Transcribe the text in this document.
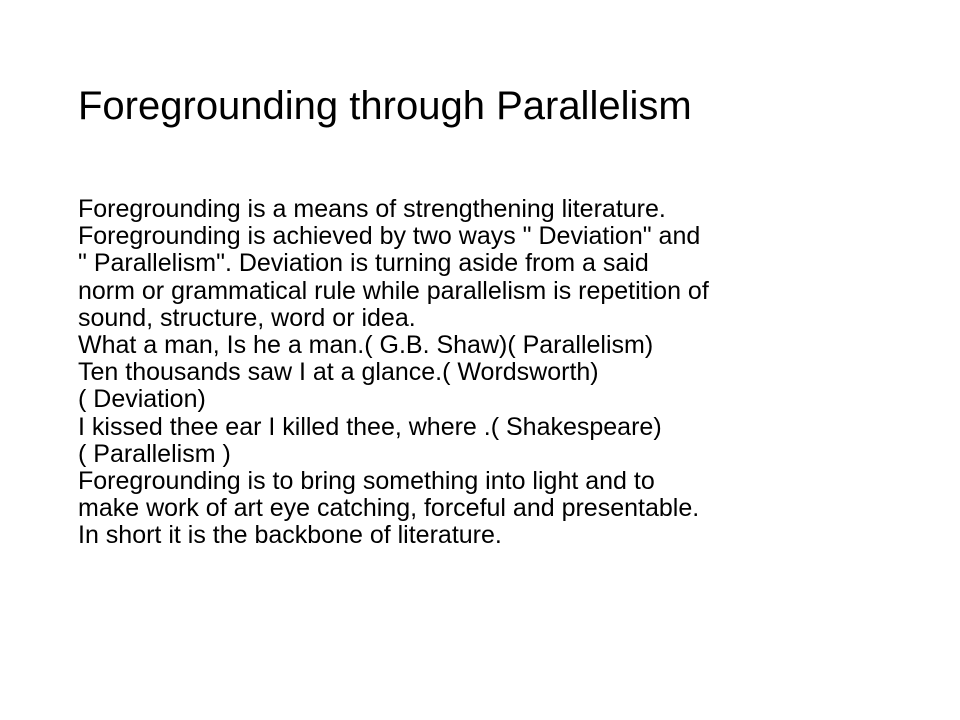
Foregrounding through Parallelism
Foregrounding is a means of strengthening literature.
Foregrounding is achieved by two ways " Deviation" and
" Parallelism". Deviation is turning aside from a said
norm or grammatical rule while parallelism is repetition of
sound, structure, word or idea.
What a man, Is he a man.( G.B. Shaw)( Parallelism)
Ten thousands saw I at a glance.( Wordsworth)
( Deviation)
I kissed thee ear I killed thee, where .( Shakespeare)
( Parallelism )
Foregrounding is to bring something into light and to
make work of art eye catching, forceful and presentable.
In short it is the backbone of literature.
